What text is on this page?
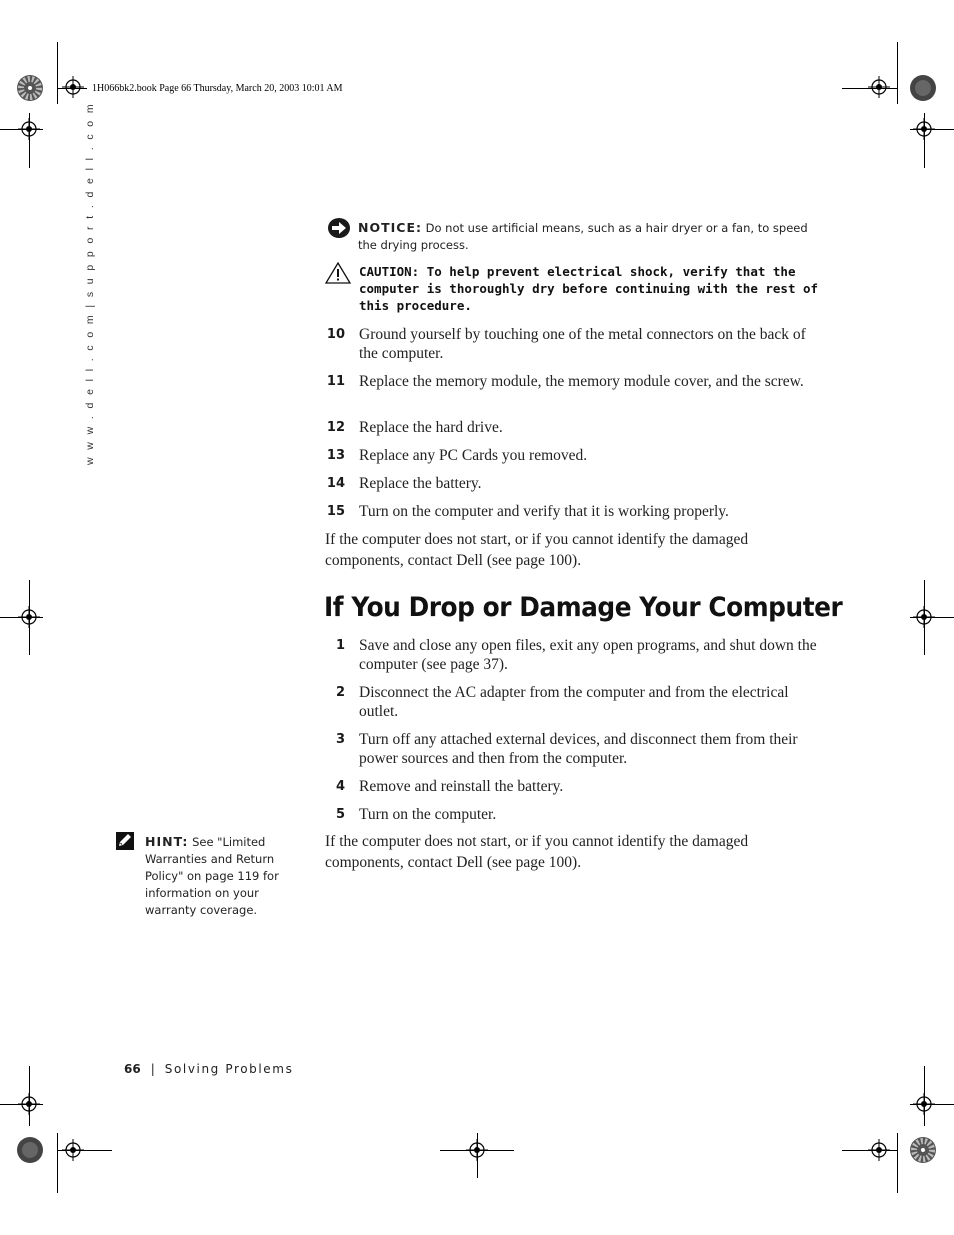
1H066bk2.book Page 66 Thursday, March 20, 2003 10:01 AM
w w w . d e l l . c o m | s u p p o r t . d e l l . c o m	NOTICE: Do not use artificial means, such as a hair dryer or a fan, to speed the drying process.
CAUTION: To help prevent electrical shock, verify that the computer is thoroughly dry before continuing with the rest of this procedure.
10 Ground yourself by touching one of the metal connectors on the back of the computer.
11 Replace the memory module, the memory module cover, and the screw.
12 Replace the hard drive.
13 Replace any PC Cards you removed.
14 Replace the battery.
15 Turn on the computer and verify that it is working properly.
If the computer does not start, or if you cannot identify the damaged components, contact Dell (see page 100).
If You Drop or Damage Your Computer
1 Save and close any open files, exit any open programs, and shut down the computer (see page 37).
2 Disconnect the AC adapter from the computer and from the electrical outlet.
3 Turn off any attached external devices, and disconnect them from their power sources and then from the computer.
4 Remove and reinstall the battery.
5 Turn on the computer.
If the computer does not start, or if you cannot identify the damaged components, contact Dell (see page 100).
HINT: See "Limited Warranties and Return Policy" on page 119 for information on your warranty coverage.
66 | Solving Problems
